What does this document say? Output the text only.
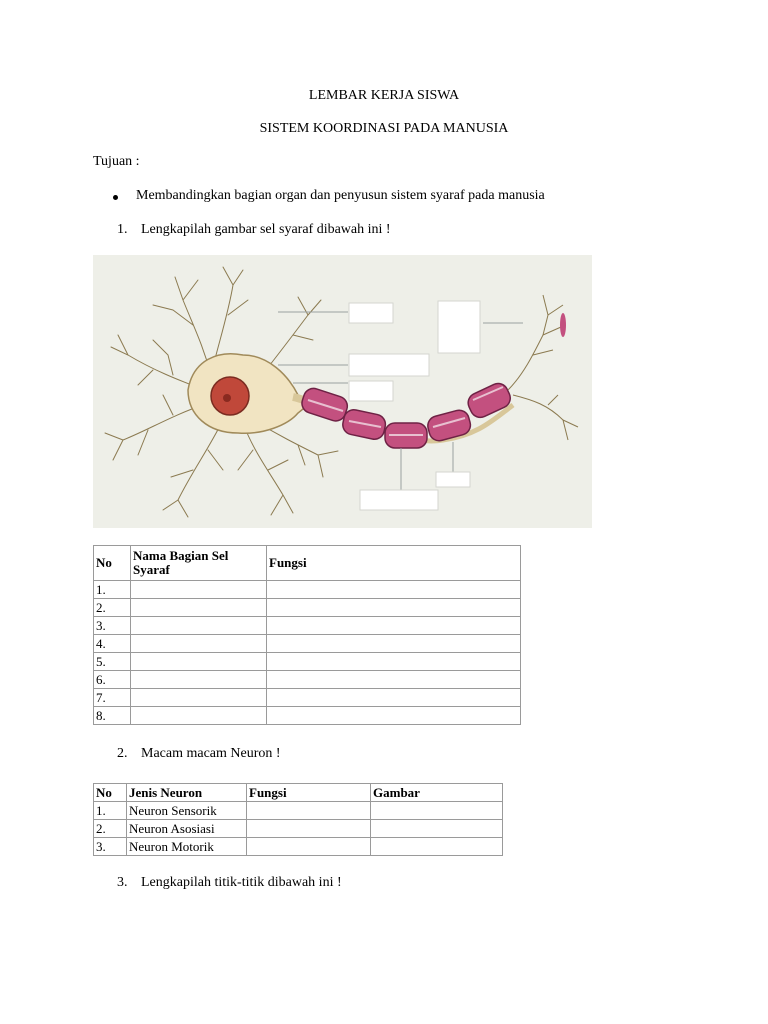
LEMBAR KERJA SISWA
SISTEM KOORDINASI PADA MANUSIA
Tujuan :
Membandingkan bagian organ dan penyusun sistem syaraf pada manusia
1. Lengkapilah gambar sel syaraf dibawah ini !
No	Nama Bagian Sel Syaraf	Fungsi
1.		
2.		
3.		
4.		
5.		
6.		
7.		
8.		
2. Macam macam Neuron !
No	Jenis Neuron	Fungsi	Gambar
1.	Neuron Sensorik		
2.	Neuron Asosiasi		
3.	Neuron Motorik		
3. Lengkapilah titik-titik dibawah ini !
